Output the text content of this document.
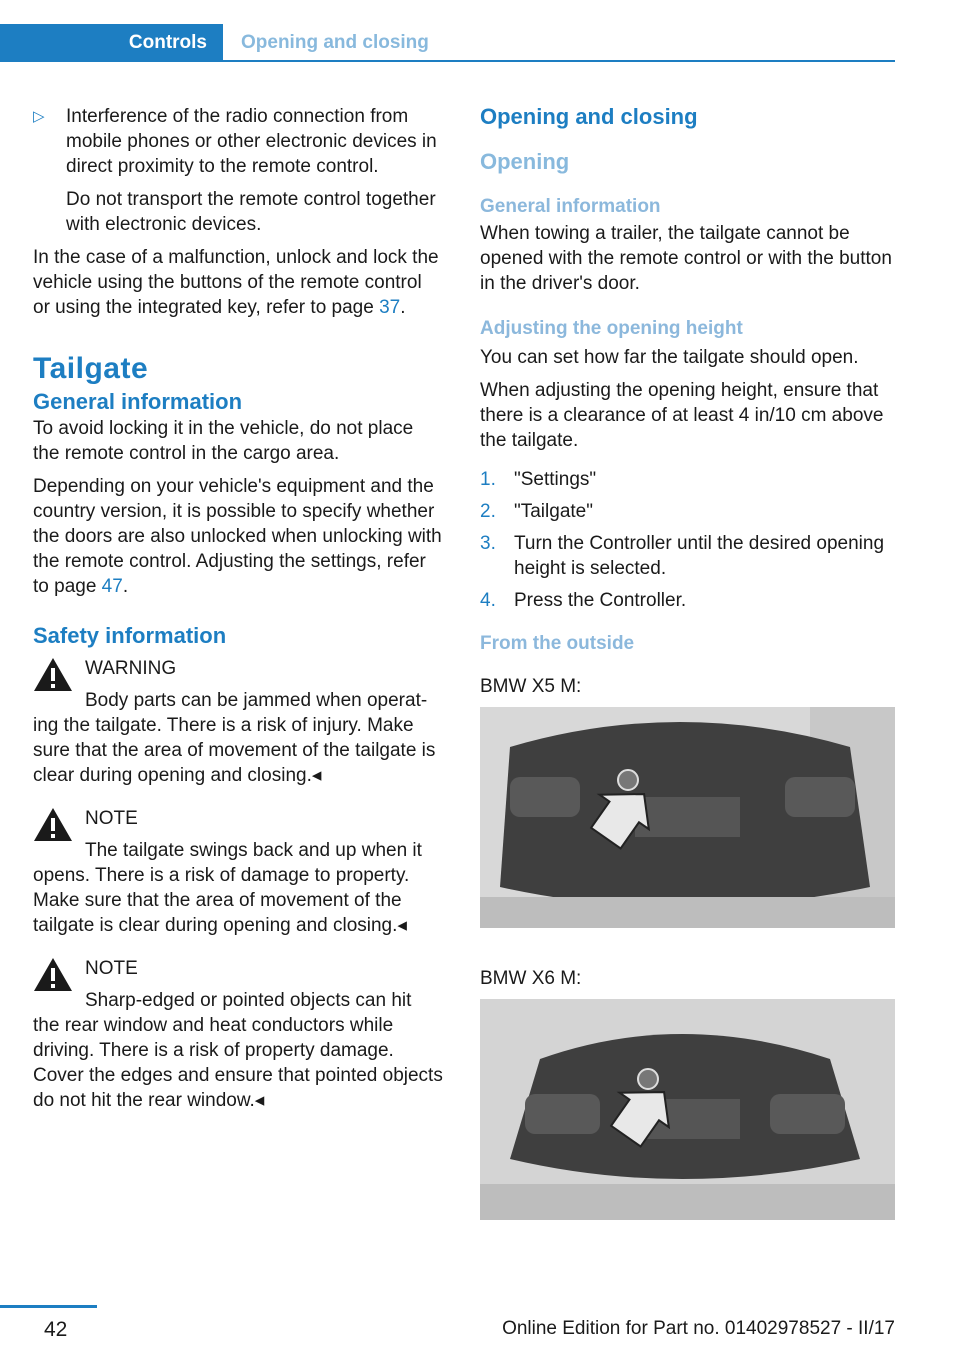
Controls Opening and closing
▷ Interference of the radio connection from mobile phones or other electronic devices in direct proximity to the remote control.

Do not transport the remote control together with electronic devices.

In the case of a malfunction, unlock and lock the vehicle using the buttons of the remote control or using the integrated key, refer to page 37.

Tailgate
General information

To avoid locking it in the vehicle, do not place the remote control in the cargo area.

Depending on your vehicle's equipment and the country version, it is possible to specify whether the doors are also unlocked when unlocking with the remote control. Adjusting the settings, refer to page 47.

Safety information
WARNING
Body parts can be jammed when operat-
ing the tailgate. There is a risk of injury. Make sure that the area of movement of the tailgate is clear during opening and closing.◂
NOTE
The tailgate swings back and up when it
opens. There is a risk of damage to property. Make sure that the area of movement of the tailgate is clear during opening and closing.◂
NOTE
Sharp-edged or pointed objects can hit
the rear window and heat conductors while driving. There is a risk of property damage. Cover the edges and ensure that pointed objects do not hit the rear window.◂
Opening and closing
Opening
General information

When towing a trailer, the tailgate cannot be opened with the remote control or with the button in the driver's door.

Adjusting the opening height

You can set how far the tailgate should open.

When adjusting the opening height, ensure that there is a clearance of at least 4 in/10 cm above the tailgate.

1. "Settings"
2. "Tailgate"
3. Turn the Controller until the desired opening height is selected.
4. Press the Controller.
From the outside

BMW X5 M:

BMW X6 M:

42	Online Edition for Part no. 01402978527 - II/17
